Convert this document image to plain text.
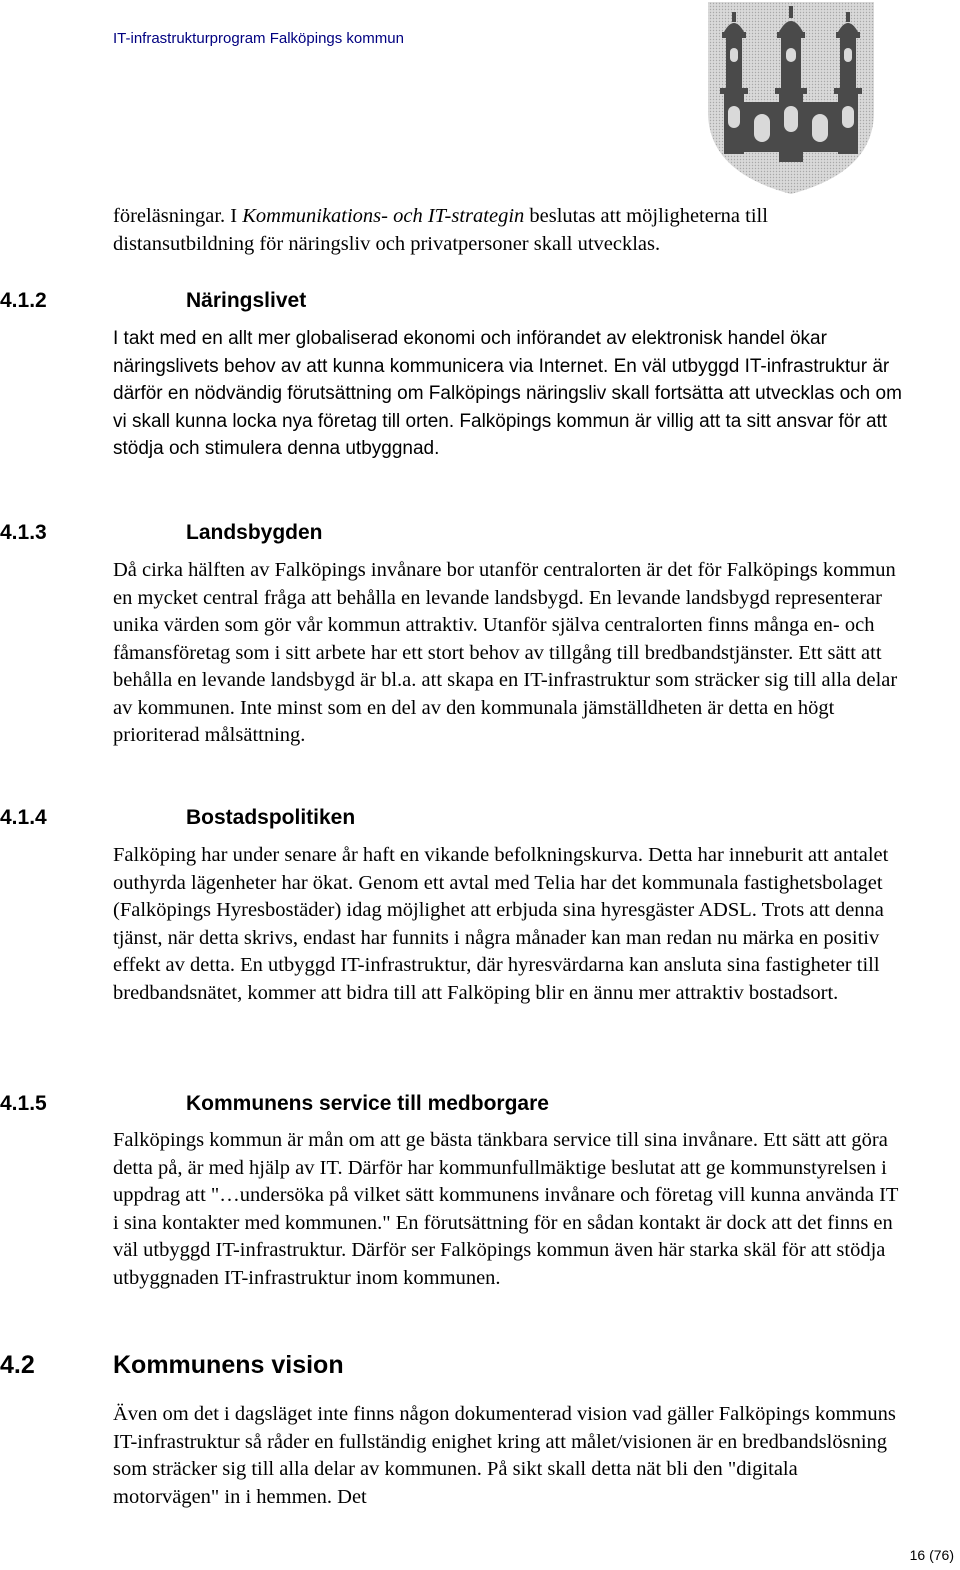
IT-infrastrukturprogram Falköpings kommun

föreläsningar. I Kommunikations- och IT-strategin beslutas att möjligheterna till distansutbildning för näringsliv och privatpersoner skall utvecklas.

4.1.2	Näringslivet

I takt med en allt mer globaliserad ekonomi och införandet av elektronisk handel ökar näringslivets behov av att kunna kommunicera via Internet. En väl utbyggd IT-infrastruktur är därför en nödvändig förutsättning om Falköpings näringsliv skall fortsätta att utvecklas och om vi skall kunna locka nya företag till orten. Falköpings kommun är villig att ta sitt ansvar för att stödja och stimulera denna utbyggnad.

4.1.3	Landsbygden

Då cirka hälften av Falköpings invånare bor utanför centralorten är det för Falköpings kommun en mycket central fråga att behålla en levande landsbygd. En levande landsbygd representerar unika värden som gör vår kommun attraktiv. Utanför själva centralorten finns många en- och fåmansföretag som i sitt arbete har ett stort behov av tillgång till bredbandstjänster. Ett sätt att behålla en levande landsbygd är bl.a. att skapa en IT-infrastruktur som sträcker sig till alla delar av kommunen. Inte minst som en del av den kommunala jämställdheten är detta en högt prioriterad målsättning.

4.1.4	Bostadspolitiken

Falköping har under senare år haft en vikande befolkningskurva. Detta har inneburit att antalet outhyrda lägenheter har ökat. Genom ett avtal med Telia har det kommunala fastighetsbolaget (Falköpings Hyresbostäder) idag möjlighet att erbjuda sina hyresgäster ADSL. Trots att denna tjänst, när detta skrivs, endast har funnits i några månader kan man redan nu märka en positiv effekt av detta. En utbyggd IT-infrastruktur, där hyresvärdarna kan ansluta sina fastigheter till bredbandsnätet, kommer att bidra till att Falköping blir en ännu mer attraktiv bostadsort.

4.1.5	Kommunens service till medborgare

Falköpings kommun är mån om att ge bästa tänkbara service till sina invånare. Ett sätt att göra detta på, är med hjälp av IT. Därför har kommunfullmäktige beslutat att ge kommunstyrelsen i uppdrag att "…undersöka på vilket sätt kommunens invånare och företag vill kunna använda IT i sina kontakter med kommunen." En förutsättning för en sådan kontakt är dock att det finns en väl utbyggd IT-infrastruktur. Därför ser Falköpings kommun även här starka skäl för att stödja utbyggnaden IT-infrastruktur inom kommunen.

4.2	Kommunens vision

Även om det i dagsläget inte finns någon dokumenterad vision vad gäller Falköpings kommuns IT-infrastruktur så råder en fullständig enighet kring att målet/visionen är en bredbandslösning som sträcker sig till alla delar av kommunen. På sikt skall detta nät bli den "digitala motorvägen" in i hemmen. Det

16 (76)
